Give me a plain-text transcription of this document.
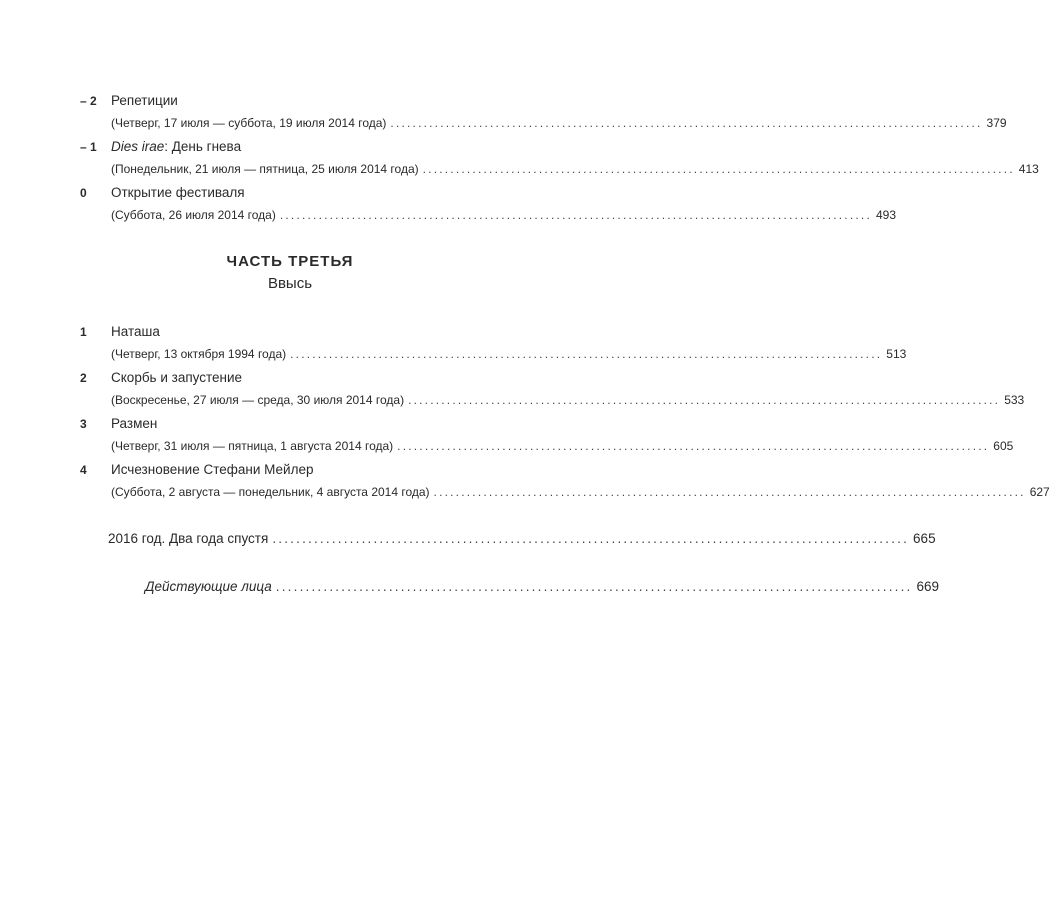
– 2	Репетиции
(Четверг, 17 июля — суббота, 19 июля 2014 года) ........................................................................................................... 379
– 1	Dies irae: День гнева
(Понедельник, 21 июля — пятница, 25 июля 2014 года) ........................................................................................................... 413
0	Открытие фестиваля
(Суббота, 26 июля 2014 года) ........................................................................................................... 493
ЧАСТЬ ТРЕТЬЯ
Ввысь
1	Наташа
(Четверг, 13 октября 1994 года) ........................................................................................................... 513
2	Скорбь и запустение
(Воскресенье, 27 июля — среда, 30 июля 2014 года) ........................................................................................................... 533
3	Размен
(Четверг, 31 июля — пятница, 1 августа 2014 года) ........................................................................................................... 605
4	Исчезновение Стефани Мейлер
(Суббота, 2 августа — понедельник, 4 августа 2014 года) ........................................................................................................... 627
2016 год. Два года спустя ........................................................................................................... 665
Действующие лица ........................................................................................................... 669
